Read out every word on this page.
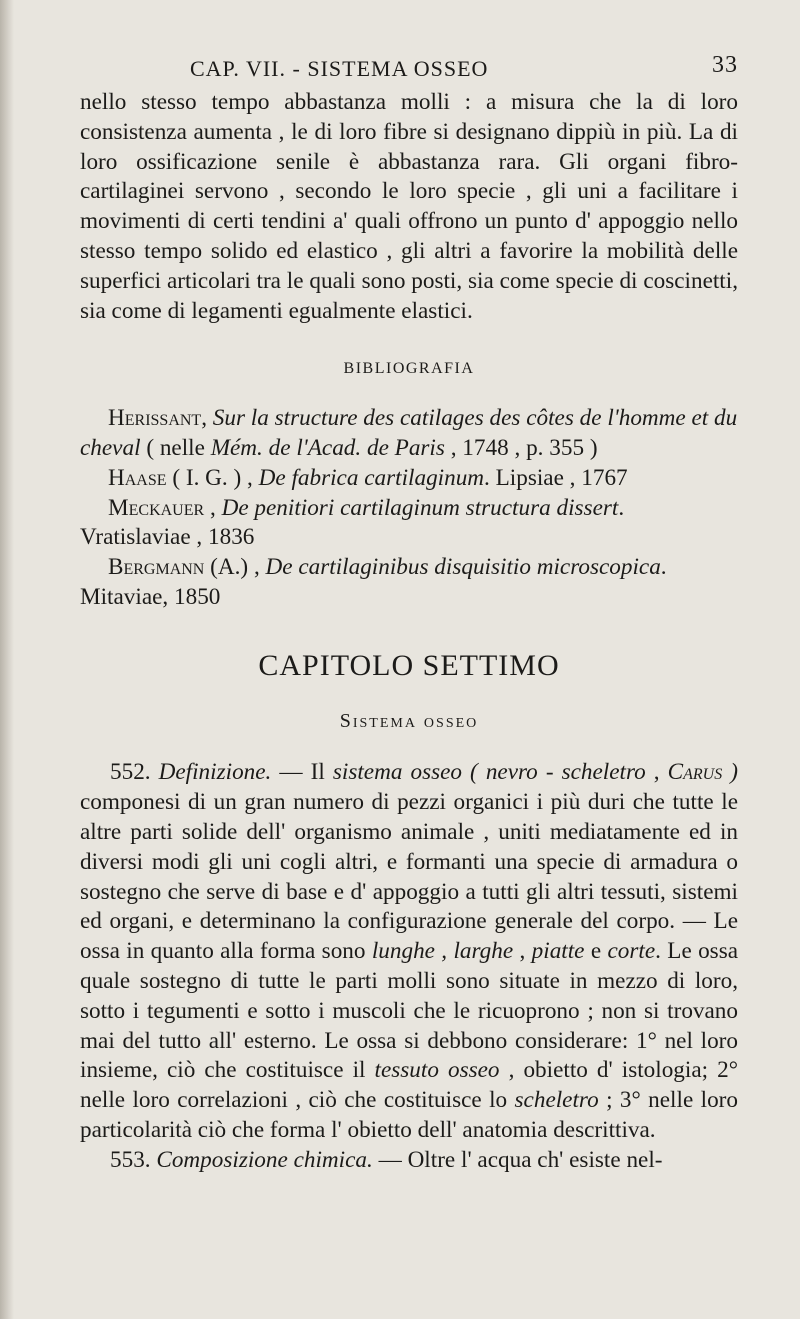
CAP. VII. - SISTEMA OSSEO	33

nello stesso tempo abbastanza molli : a misura che la di loro consistenza aumenta , le di loro fibre si designano dippiù in più. La di loro ossificazione senile è abbastanza rara. Gli organi fibro-cartilaginei servono , secondo le loro specie , gli uni a facilitare i movimenti di certi tendini a' quali offrono un punto d' appoggio nello stesso tempo solido ed elastico , gli altri a favorire la mobilità delle superfici articolari tra le quali sono posti, sia come specie di coscinetti, sia come di legamenti egualmente elastici.

BIBLIOGRAFIA

Herissant, Sur la structure des catilages des côtes de l'homme et du cheval ( nelle Mém. de l'Acad. de Paris , 1748 , p. 355 )

Haase ( I. G. ) , De fabrica cartilaginum. Lipsiae , 1767

Meckauer , De penitiori cartilaginum structura dissert. Vratislaviae , 1836

Bergmann (A.) , De cartilaginibus disquisitio microscopica. Mitaviae, 1850

CAPITOLO SETTIMO

Sistema osseo

552. Definizione. — Il sistema osseo ( nevro - scheletro , Carus ) componesi di un gran numero di pezzi organici i più duri che tutte le altre parti solide dell' organismo animale , uniti mediatamente ed in diversi modi gli uni cogli altri, e formanti una specie di armadura o sostegno che serve di base e d' appoggio a tutti gli altri tessuti, sistemi ed organi, e determinano la configurazione generale del corpo. — Le ossa in quanto alla forma sono lunghe , larghe , piatte e corte. Le ossa quale sostegno di tutte le parti molli sono situate in mezzo di loro, sotto i tegumenti e sotto i muscoli che le ricuoprono ; non si trovano mai del tutto all' esterno. Le ossa si debbono considerare: 1° nel loro insieme, ciò che costituisce il tessuto osseo , obietto d' istologia; 2° nelle loro correlazioni , ciò che costituisce lo scheletro ; 3° nelle loro particolarità ciò che forma l' obietto dell' anatomia descrittiva.

553. Composizione chimica. — Oltre l' acqua ch' esiste nel-
